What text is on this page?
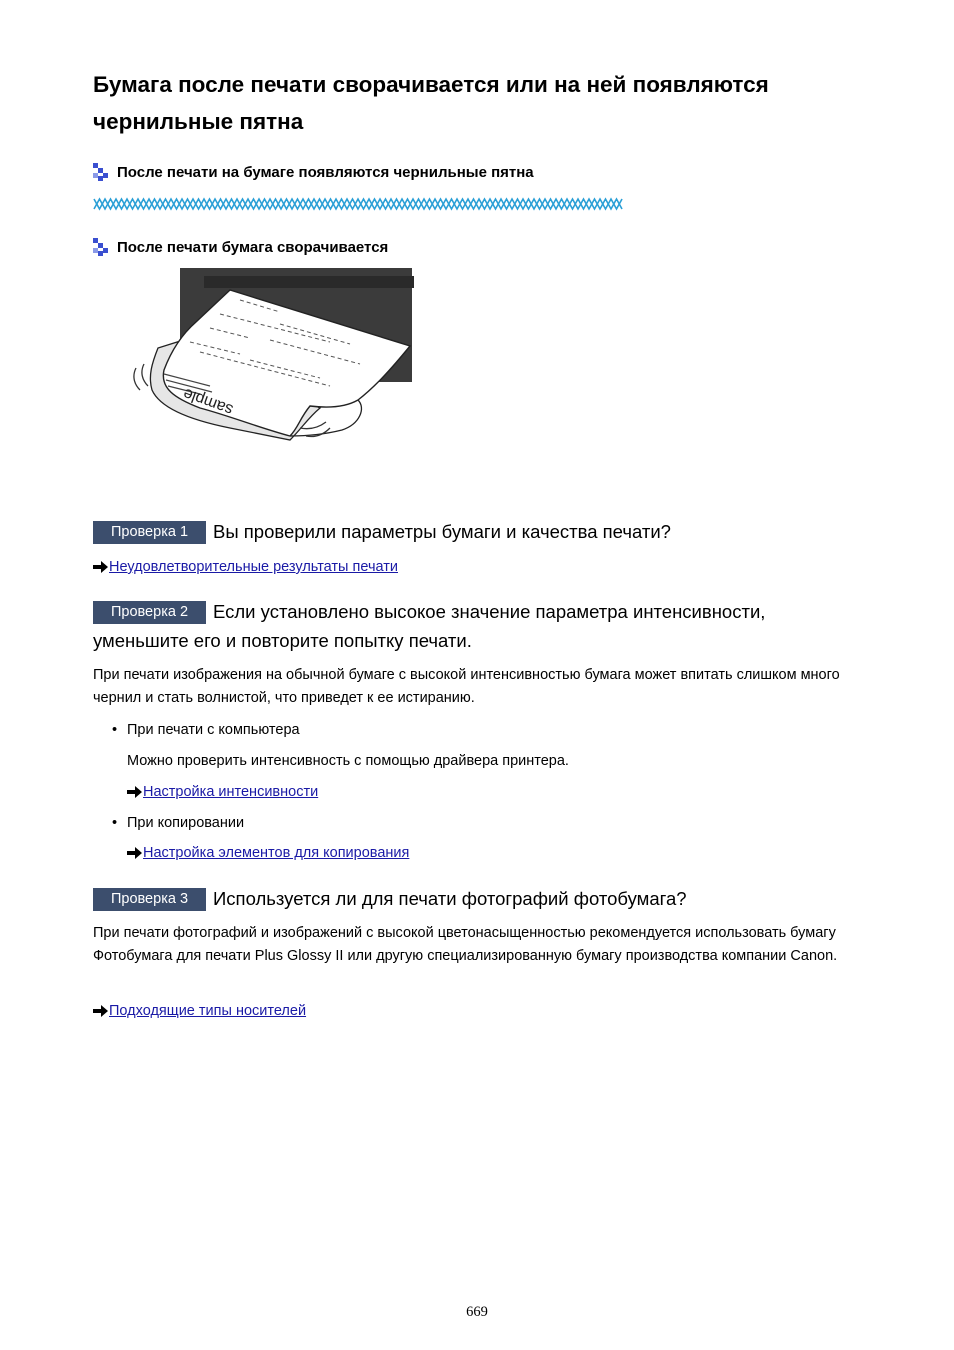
Бумага после печати сворачивается или на ней появляются чернильные пятна
После печати на бумаге появляются чернильные пятна
После печати бумага сворачивается
sample
Проверка 1 Вы проверили параметры бумаги и качества печати?
Неудовлетворительные результаты печати
Проверка 2 Если установлено высокое значение параметра интенсивности, уменьшите его и повторите попытку печати.

При печати изображения на обычной бумаге с высокой интенсивностью бумага может впитать слишком много чернил и стать волнистой, что приведет к ее истиранию.

• При печати с компьютера
Можно проверить интенсивность с помощью драйвера принтера.
Настройка интенсивности
• При копировании
Настройка элементов для копирования
Проверка 3 Используется ли для печати фотографий фотобумага?

При печати фотографий и изображений с высокой цветонасыщенностью рекомендуется использовать бумагу Фотобумага для печати Plus Glossy II или другую специализированную бумагу производства компании Canon.

Подходящие типы носителей
669
